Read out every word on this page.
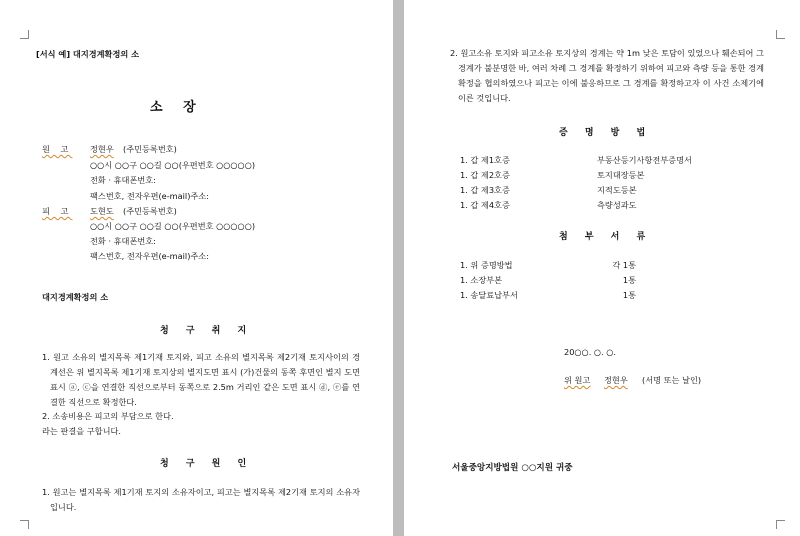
[서식 예] 대지경계확정의 소
소 장
원 고 정현우 (주민등록번호)
○○시 ○○구 ○○길 ○○(우편번호 ○○○○○)
전화 · 휴대폰번호:
팩스번호, 전자우편(e-mail)주소:
피 고 도현도 (주민등록번호)
○○시 ○○구 ○○길 ○○(우편번호 ○○○○○)
전화 · 휴대폰번호:
팩스번호, 전자우편(e-mail)주소:
대지경계확정의 소
청 구 취 지
1. 원고 소유의 별지목록 제1기재 토지와, 피고 소유의 별지목록 제2기재 토지사이의 경계선은 위 별지목록 제1기재 토지상의 별지도면 표시 (가)건물의 동쪽 후면인 별지 도면 표시 ⓐ, ⓒ을 연결한 직선으로부터 동쪽으로 2.5m 거리인 같은 도면 표시 ⓓ, ⓔ를 연결한 직선으로 확정한다.
2. 소송비용은 피고의 부담으로 한다.
라는 판결을 구합니다.
청 구 원 인
1. 원고는 별지목록 제1기재 토지의 소유자이고, 피고는 별지목록 제2기재 토지의 소유자입니다.
2. 원고소유 토지와 피고소유 토지상의 경계는 약 1m 낮은 토담이 있었으나 훼손되어 그 경계가 불분명한 바, 여러 차례 그 경계를 확정하기 위하여 피고와 측량 등을 통한 경계확정을 협의하였으나 피고는 이에 불응하므로 그 경계를 확정하고자 이 사건 소제기에 이른 것입니다.
증 명 방 법
1. 갑 제1호증	부동산등기사항전부증명서
1. 갑 제2호증	토지대장등본
1. 갑 제3호증	지적도등본
1. 갑 제4호증	측량성과도
첨 부 서 류
1. 위 증명방법	각 1통
1. 소장부본	1통
1. 송달료납부서	1통
20○○. ○. ○.
위 원고 정현우 (서명 또는 날인)
서울중앙지방법원 ○○지원 귀중
